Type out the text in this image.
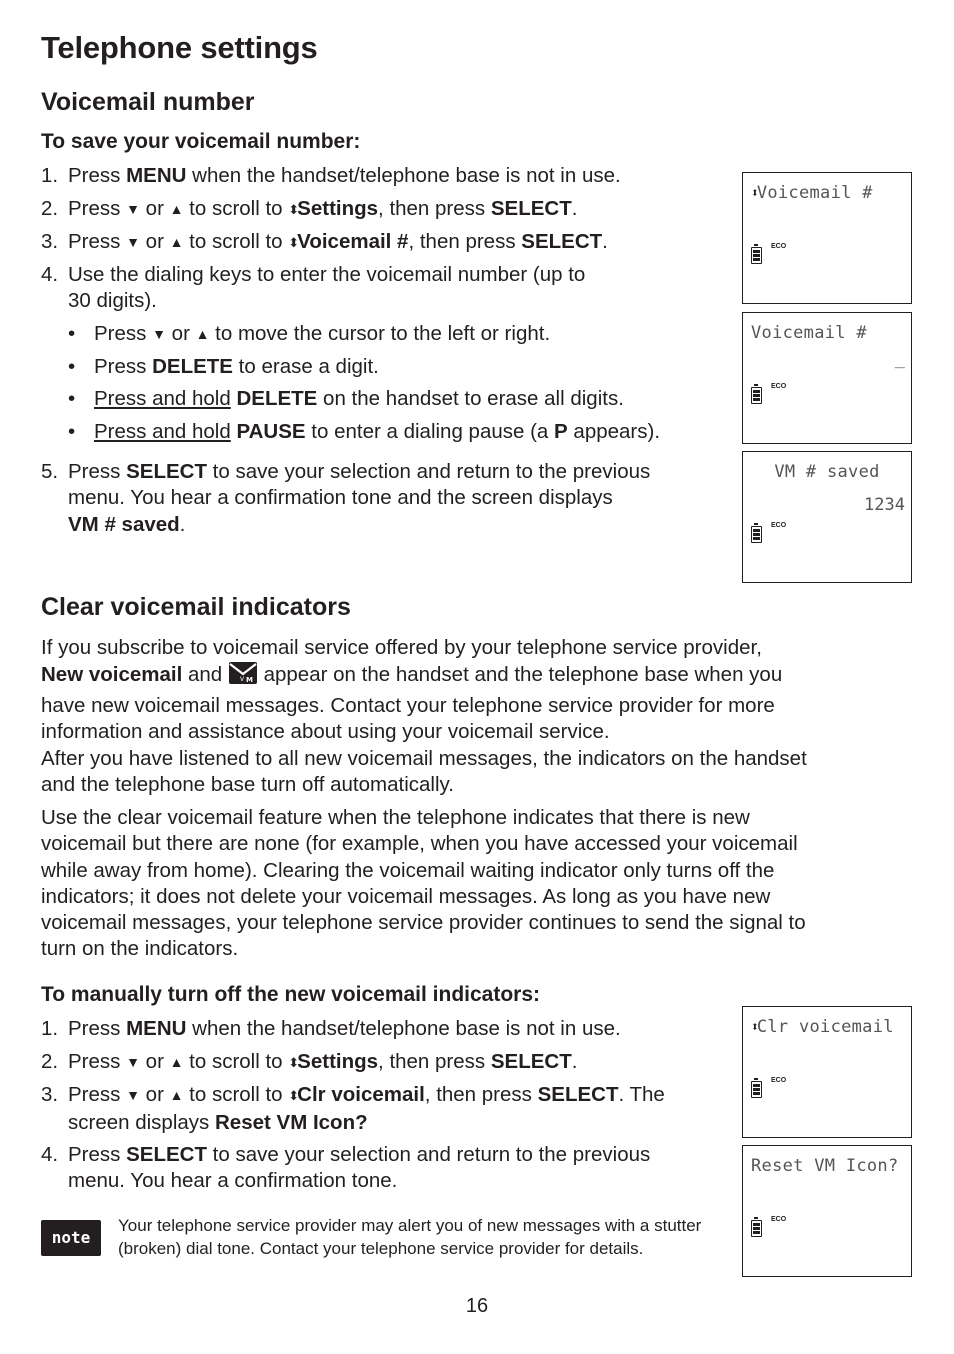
Telephone settings
Voicemail number
To save your voicemail number:
1. Press MENU when the handset/telephone base is not in use.
2. Press ▼ or ▲ to scroll to ⬍Settings, then press SELECT.
3. Press ▼ or ▲ to scroll to ⬍Voicemail #, then press SELECT.
4. Use the dialing keys to enter the voicemail number (up to
30 digits).
• Press ▼ or ▲ to move the cursor to the left or right.
• Press DELETE to erase a digit.
• Press and hold DELETE on the handset to erase all digits.
• Press and hold PAUSE to enter a dialing pause (a P appears).
5. Press SELECT to save your selection and return to the previous
menu. You hear a confirmation tone and the screen displays
VM # saved.
⬍Voicemail #
ECO
Voicemail #
_
ECO
VM # saved
1234
ECO
Clear voicemail indicators
If you subscribe to voicemail service offered by your telephone service provider,
New voicemail and	M
V appear on the handset and the telephone base when you
have new voicemail messages. Contact your telephone service provider for more
information and assistance about using your voicemail service.
After you have listened to all new voicemail messages, the indicators on the handset
and the telephone base turn off automatically.
Use the clear voicemail feature when the telephone indicates that there is new
voicemail but there are none (for example, when you have accessed your voicemail
while away from home). Clearing the voicemail waiting indicator only turns off the
indicators; it does not delete your voicemail messages. As long as you have new
voicemail messages, your telephone service provider continues to send the signal to
turn on the indicators.
To manually turn off the new voicemail indicators:
1. Press MENU when the handset/telephone base is not in use.
2. Press ▼ or ▲ to scroll to ⬍Settings, then press SELECT.
3. Press ▼ or ▲ to scroll to ⬍Clr voicemail, then press SELECT. The
screen displays Reset VM Icon?
4. Press SELECT to save your selection and return to the previous
menu. You hear a confirmation tone.
⬍Clr voicemail
ECO
Reset VM Icon?
ECO
note

Your telephone service provider may alert you of new messages with a stutter (broken) dial tone. Contact your telephone service provider for details.

16
